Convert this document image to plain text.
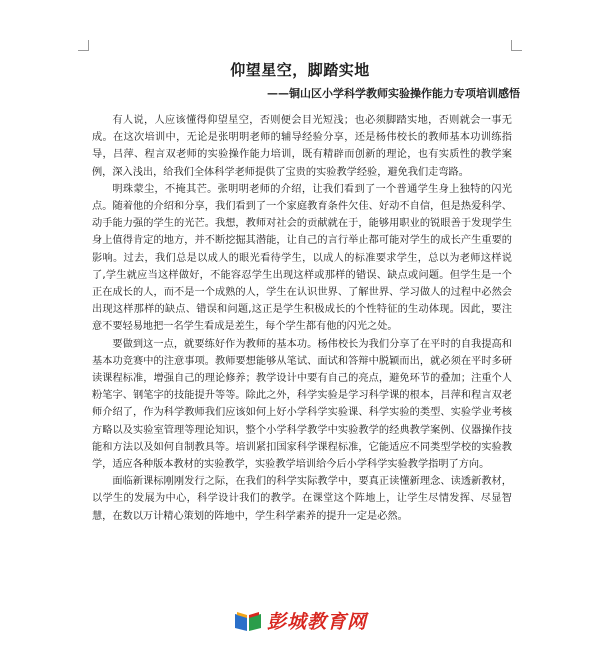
仰望星空，脚踏实地
——铜山区小学科学教师实验操作能力专项培训感悟

有人说，人应该懂得仰望星空，否则便会目光短浅；也必须脚踏实地，否则就会一事无成。在这次培训中，无论是张明明老师的辅导经验分享，还是杨伟校长的教师基本功训练指导，吕萍、程言双老师的实验操作能力培训，既有精辟而创新的理论，也有实质性的教学案例，深入浅出，给我们全体科学老师提供了宝贵的实验教学经验，避免我们走弯路。

明珠蒙尘，不掩其芒。张明明老师的介绍，让我们看到了一个普通学生身上独特的闪光点。随着他的介绍和分享，我们看到了一个家庭教育条件欠佳、好动不自信，但是热爱科学、动手能力强的学生的光芒。我想，教师对社会的贡献就在于，能够用职业的锐眼善于发现学生身上值得肯定的地方，并不断挖掘其潜能，让自己的言行举止都可能对学生的成长产生重要的影响。过去，我们总是以成人的眼光看待学生，以成人的标准要求学生，总以为老师这样说了,学生就应当这样做好，不能容忍学生出现这样或那样的错误、缺点或问题。但学生是一个正在成长的人，而不是一个成熟的人，学生在认识世界、了解世界、学习做人的过程中必然会出现这样那样的缺点、错误和问题,这正是学生积极成长的个性特征的生动体现。因此，要注意不要轻易地把一名学生看成是差生，每个学生都有他的闪光之处。

要做到这一点，就要练好作为教师的基本功。杨伟校长为我们分享了在平时的自我提高和基本功竞赛中的注意事项。教师要想能够从笔试、面试和答辩中脱颖而出，就必须在平时多研读课程标准，增强自己的理论修养；教学设计中要有自己的亮点，避免环节的叠加；注重个人粉笔字、钢笔字的技能提升等等。除此之外，科学实验是学习科学课的根本，吕萍和程言双老师介绍了，作为科学教师我们应该如何上好小学科学实验课、科学实验的类型、实验学业考核方略以及实验室管理等理论知识，整个小学科学教学中实验教学的经典教学案例、仪器操作技能和方法以及如何自制教具等。培训紧扣国家科学课程标准，它能适应不同类型学校的实验教学，适应各种版本教材的实验教学，实验教学培训给今后小学科学实验教学指明了方向。

面临新课标刚刚发行之际，在我们的科学实际教学中，要真正读懂新理念、读透新教材，以学生的发展为中心，科学设计我们的教学。在课堂这个阵地上，让学生尽情发挥、尽显智慧，在数以万计精心策划的阵地中，学生科学素养的提升一定是必然。

彭城教育网
